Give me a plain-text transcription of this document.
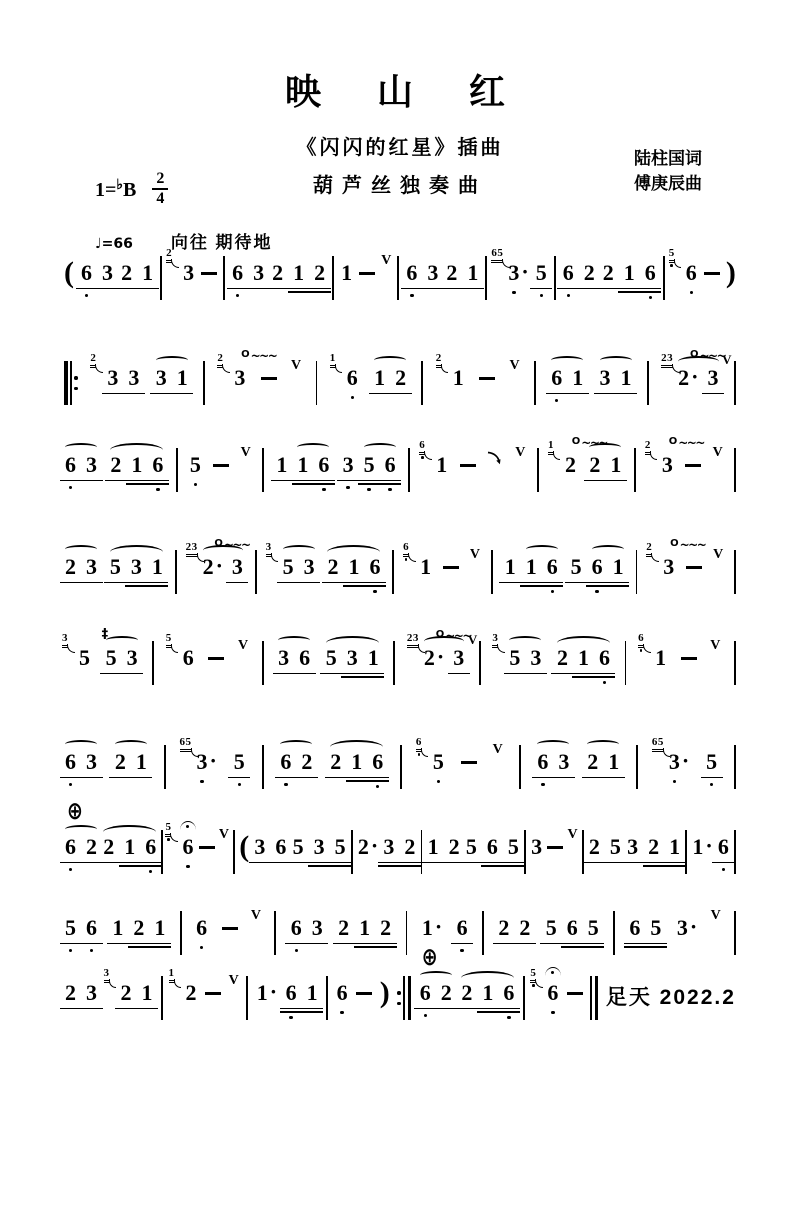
映　山　红
《闪闪的红星》插曲
葫芦丝独奏曲
陆柱国词
傅庚辰曲
$1=^♭B \frac{2}{4}$
♩=66 向往 期待地
( 6 3 2 1 3
2
6 3 2 1 2 1 V 6 3 2 1 3 ·
65
5 6 2 2 1 6 6
5
)
3
2
3 3 1 3
O ~~~
2	V 6
1
1 2 1
2	V 6 1 3 1 2 ·
O ~~~
23
3
V
6 3 2 1 6 5	V 1 1 6 3 5 6 1
6	V 2
O ~~~
1
2 1 3
O ~~~
2	V
2 3 5 3 1 2 ·
O ~~~
23
3 5
3
3 2 1 6 1
6	V 1 1 6 5 6 1 3
O ~~~
2	V
5
3
5
‡
3 6
5	V 3 6 5 3 1 2 ·
O ~~~
23
3
V
5
3
3 2 1 6 1
6	V
6 3 2 1 3 ·
65
5 6 2 2 1 6 5
6	V 6 3 2 1 3 ·
65
5
⊕
6 2 2 1 6 6
5	V ( 3 6 5 3 5 2 · 3 2 1 2 5 6 5 3 V 2 5 3 2 1 1 · 6
5 6 1 2 1 6	V 6 3 2 1 2 1 · 6 2 2 5 6 5 6 5 3 · V
2 3 2
3
1 2
1	V 1 · 6 1 6 )
⊕
6 2 2 1 6 6
5
足天 2022.2
